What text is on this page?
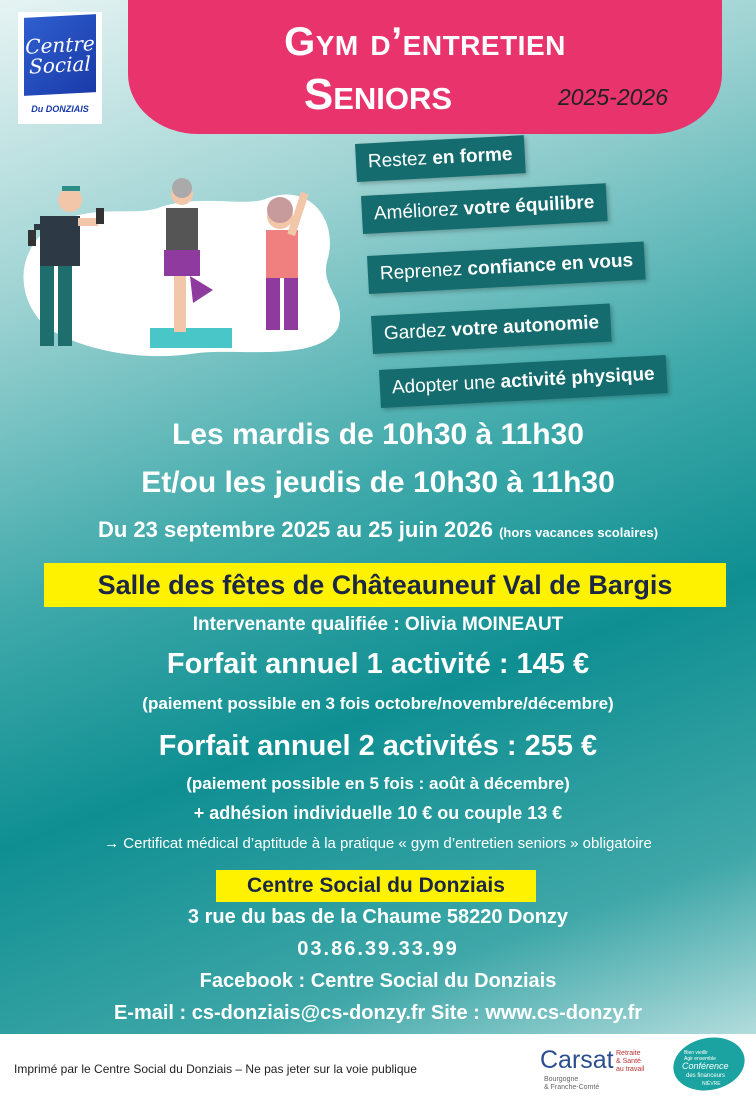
Centre
Social
Du DONZIAIS
Gym d’entretien
Seniors	2025-2026
Restez en forme
Améliorez votre équilibre
Reprenez confiance en vous
Gardez votre autonomie
Adopter une activité physique
Les mardis de 10h30 à 11h30
Et/ou les jeudis de 10h30 à 11h30
Du 23 septembre 2025 au 25 juin 2026 (hors vacances scolaires)
Salle des fêtes de Châteauneuf Val de Bargis
Intervenante qualifiée : Olivia MOINEAUT
Forfait annuel 1 activité : 145 €
(paiement possible en 3 fois octobre/novembre/décembre)
Forfait annuel 2 activités : 255 €
(paiement possible en 5 fois : août à décembre)
+ adhésion individuelle 10 € ou couple 13 €
→ Certificat médical d’aptitude à la pratique « gym d’entretien seniors » obligatoire
Centre Social du Donziais
3 rue du bas de la Chaume 58220 Donzy
03.86.39.33.99
Facebook : Centre Social du Donziais
E-mail : cs-donziais@cs-donzy.fr Site : www.cs-donzy.fr
Imprimé par le Centre Social du Donziais – Ne pas jeter sur la voie publique	Carsat Retraite
& Santé
au travail
Bourgogne
& Franche-Comté
Bien vieillir
Agir ensemble
Conférence
des financeurs
NIÈVRE
